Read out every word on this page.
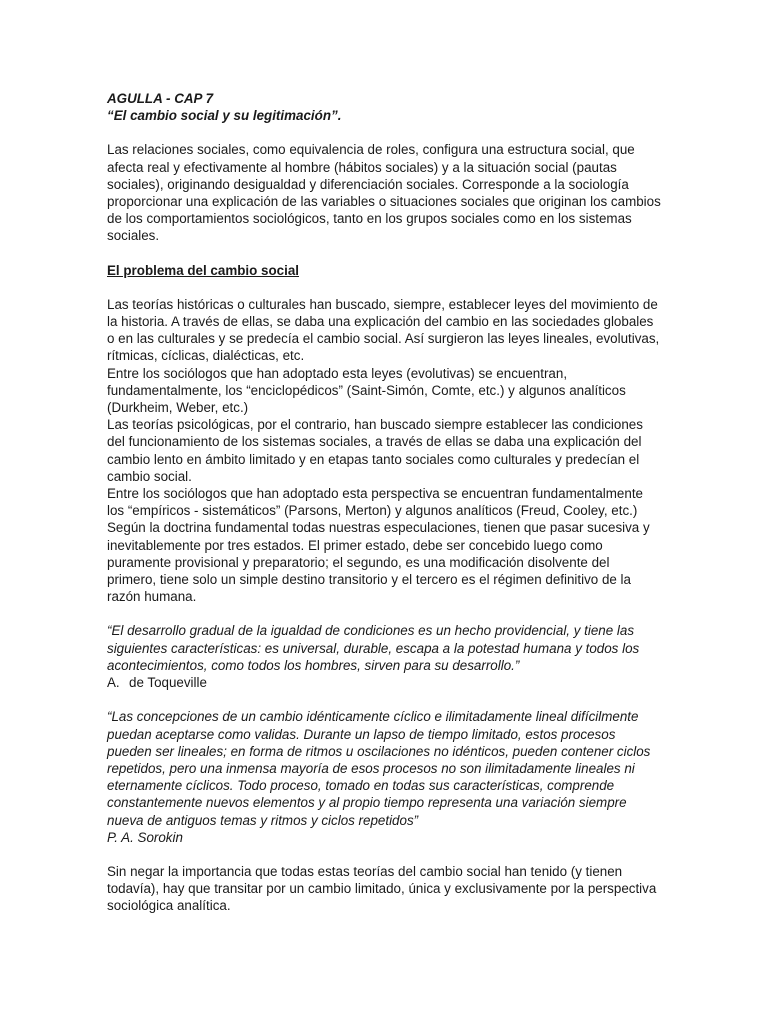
AGULLA - CAP 7

“El cambio social y su legitimación”.

Las relaciones sociales, como equivalencia de roles, configura una estructura social, que afecta real y efectivamente al hombre (hábitos sociales) y a la situación social (pautas sociales), originando desigualdad y diferenciación sociales. Corresponde a la sociología proporcionar una explicación de las variables o situaciones sociales que originan los cambios de los comportamientos sociológicos, tanto en los grupos sociales como en los sistemas sociales.

El problema del cambio social

Las teorías históricas o culturales han buscado, siempre, establecer leyes del movimiento de la historia. A través de ellas, se daba una explicación del cambio en las sociedades globales o en las culturales y se predecía el cambio social. Así surgieron las leyes lineales, evolutivas, rítmicas, cíclicas, dialécticas, etc.

Entre los sociólogos que han adoptado esta leyes (evolutivas) se encuentran, fundamentalmente, los “enciclopédicos” (Saint-Simón, Comte, etc.) y algunos analíticos (Durkheim, Weber, etc.)

Las teorías psicológicas, por el contrario, han buscado siempre establecer las condiciones del funcionamiento de los sistemas sociales, a través de ellas se daba una explicación del cambio lento en ámbito limitado y en etapas tanto sociales como culturales y predecían el cambio social.

Entre los sociólogos que han adoptado esta perspectiva se encuentran fundamentalmente los “empíricos - sistemáticos” (Parsons, Merton) y algunos analíticos (Freud, Cooley, etc.)

Según la doctrina fundamental todas nuestras especulaciones, tienen que pasar sucesiva y inevitablemente por tres estados. El primer estado, debe ser concebido luego como puramente provisional y preparatorio; el segundo, es una modificación disolvente del primero, tiene solo un simple destino transitorio y el tercero es el régimen definitivo de la razón humana.

“El desarrollo gradual de la igualdad de condiciones es un hecho providencial, y tiene las siguientes características: es universal, durable, escapa a la potestad humana y todos los acontecimientos, como todos los hombres, sirven para su desarrollo.”

A. de Toqueville

“Las concepciones de un cambio idénticamente cíclico e ilimitadamente lineal difícilmente puedan aceptarse como validas. Durante un lapso de tiempo limitado, estos procesos pueden ser lineales; en forma de ritmos u oscilaciones no idénticos, pueden contener ciclos repetidos, pero una inmensa mayoría de esos procesos no son ilimitadamente lineales ni eternamente cíclicos. Todo proceso, tomado en todas sus características, comprende constantemente nuevos elementos y al propio tiempo representa una variación siempre nueva de antiguos temas y ritmos y ciclos repetidos”

P. A. Sorokin

Sin negar la importancia que todas estas teorías del cambio social han tenido (y tienen todavía), hay que transitar por un cambio limitado, única y exclusivamente por la perspectiva sociológica analítica.
